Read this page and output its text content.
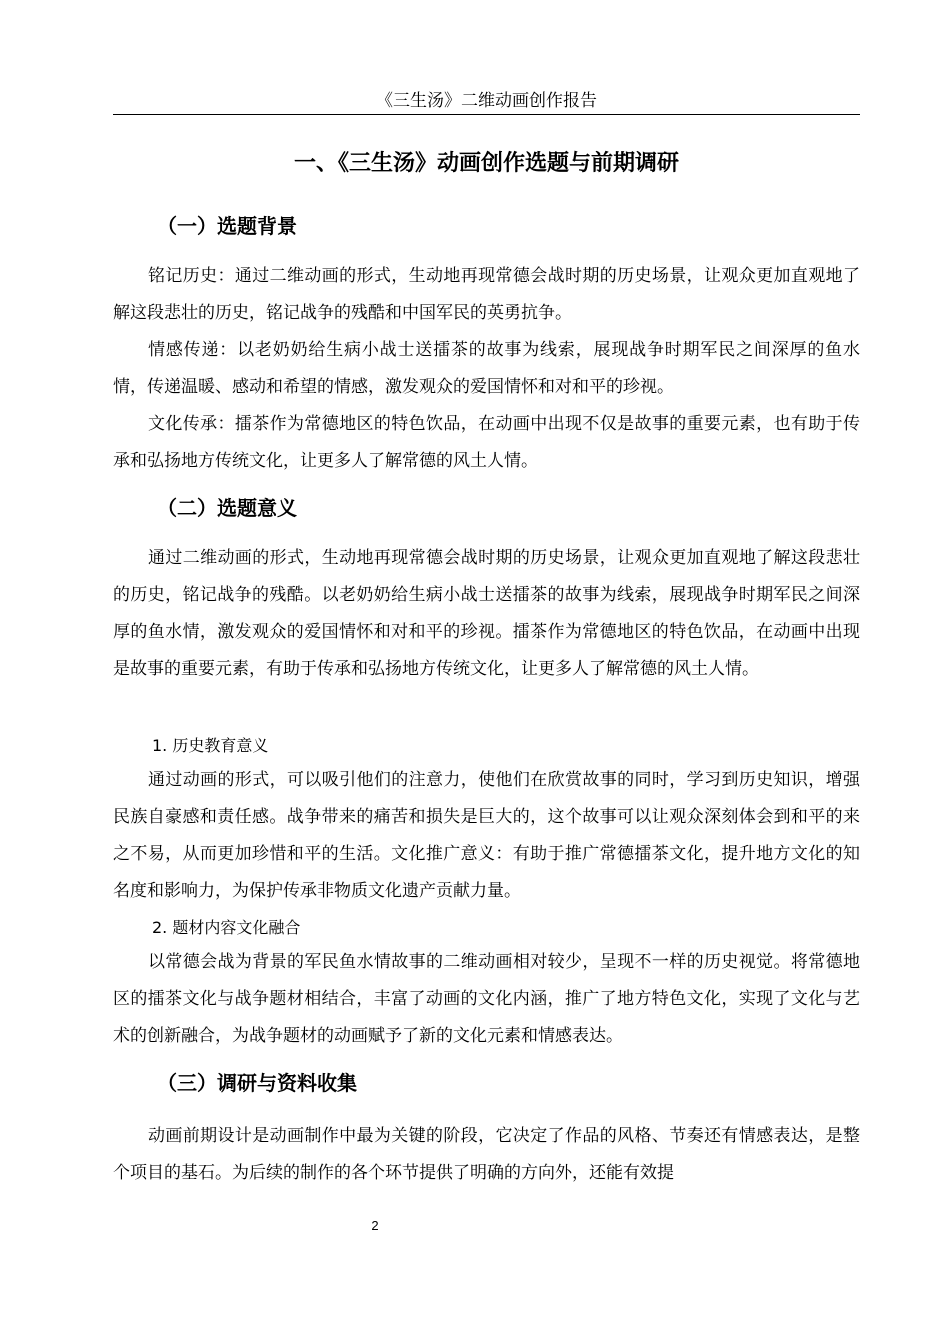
《三生汤》二维动画创作报告
一、《三生汤》动画创作选题与前期调研
（一）选题背景

铭记历史：通过二维动画的形式，生动地再现常德会战时期的历史场景，让观众更加直观地了解这段悲壮的历史，铭记战争的残酷和中国军民的英勇抗争。

情感传递：以老奶奶给生病小战士送擂茶的故事为线索，展现战争时期军民之间深厚的鱼水情，传递温暖、感动和希望的情感，激发观众的爱国情怀和对和平的珍视。

文化传承：擂茶作为常德地区的特色饮品，在动画中出现不仅是故事的重要元素，也有助于传承和弘扬地方传统文化，让更多人了解常德的风土人情。

（二）选题意义

通过二维动画的形式，生动地再现常德会战时期的历史场景，让观众更加直观地了解这段悲壮的历史，铭记战争的残酷。以老奶奶给生病小战士送擂茶的故事为线索，展现战争时期军民之间深厚的鱼水情，激发观众的爱国情怀和对和平的珍视。擂茶作为常德地区的特色饮品，在动画中出现是故事的重要元素，有助于传承和弘扬地方传统文化，让更多人了解常德的风土人情。

1. 历史教育意义

通过动画的形式，可以吸引他们的注意力，使他们在欣赏故事的同时，学习到历史知识，增强民族自豪感和责任感。战争带来的痛苦和损失是巨大的，这个故事可以让观众深刻体会到和平的来之不易，从而更加珍惜和平的生活。文化推广意义：有助于推广常德擂茶文化，提升地方文化的知名度和影响力，为保护传承非物质文化遗产贡献力量。

2. 题材内容文化融合

以常德会战为背景的军民鱼水情故事的二维动画相对较少，呈现不一样的历史视觉。将常德地区的擂茶文化与战争题材相结合，丰富了动画的文化内涵，推广了地方特色文化，实现了文化与艺术的创新融合，为战争题材的动画赋予了新的文化元素和情感表达。

（三）调研与资料收集

动画前期设计是动画制作中最为关键的阶段，它决定了作品的风格、节奏还有情感表达，是整个项目的基石。为后续的制作的各个环节提供了明确的方向外，还能有效提

2
